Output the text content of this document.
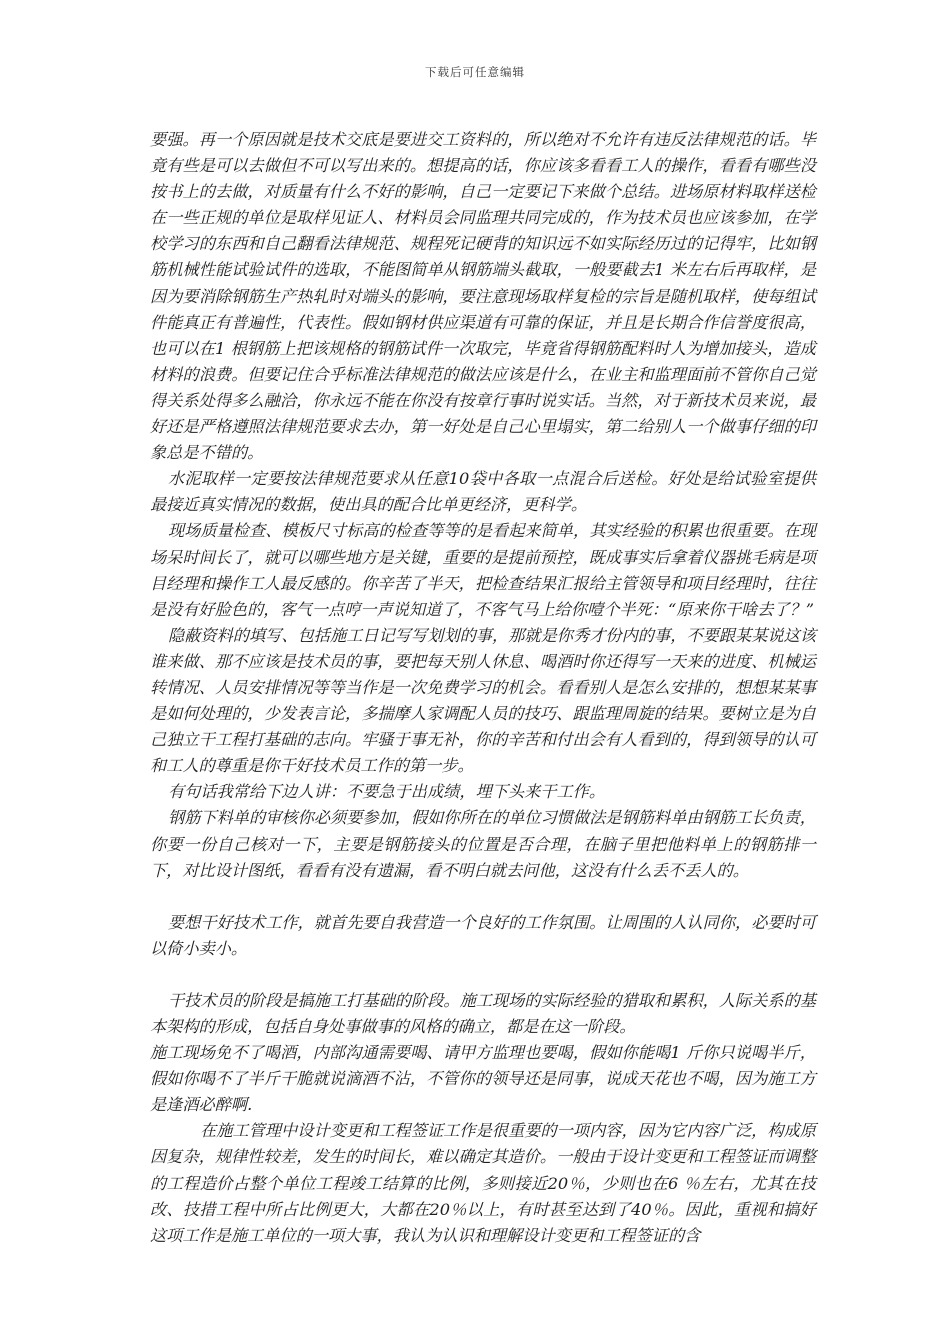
下载后可任意编辑

要强。再一个原因就是技术交底是要进交工资料的，所以绝对不允许有违反法律规范的话。毕竟有些是可以去做但不可以写出来的。想提高的话，你应该多看看工人的操作，看看有哪些没按书上的去做，对质量有什么不好的影响，自己一定要记下来做个总结。进场原材料取样送检在一些正规的单位是取样见证人、材料员会同监理共同完成的，作为技术员也应该参加，在学校学习的东西和自己翻看法律规范、规程死记硬背的知识远不如实际经历过的记得牢，比如钢筋机械性能试验试件的选取，不能图简单从钢筋端头截取，一般要截去1 米左右后再取样，是因为要消除钢筋生产热轧时对端头的影响，要注意现场取样复检的宗旨是随机取样，使每组试件能真正有普遍性，代表性。假如钢材供应渠道有可靠的保证，并且是长期合作信誉度很高，也可以在1 根钢筋上把该规格的钢筋试件一次取完，毕竟省得钢筋配料时人为增加接头，造成材料的浪费。但要记住合乎标准法律规范的做法应该是什么，在业主和监理面前不管你自己觉得关系处得多么融洽，你永远不能在你没有按章行事时说实话。当然，对于新技术员来说，最好还是严格遵照法律规范要求去办，第一好处是自己心里塌实，第二给别人一个做事仔细的印象总是不错的。

水泥取样一定要按法律规范要求从任意10袋中各取一点混合后送检。好处是给试验室提供最接近真实情况的数据，使出具的配合比单更经济，更科学。

现场质量检查、模板尺寸标高的检查等等的是看起来简单，其实经验的积累也很重要。在现场呆时间长了，就可以哪些地方是关键，重要的是提前预控，既成事实后拿着仪器挑毛病是项目经理和操作工人最反感的。你辛苦了半天，把检查结果汇报给主管领导和项目经理时，往往是没有好脸色的，客气一点哼一声说知道了，不客气马上给你噎个半死：“原来你干啥去了？”

隐蔽资料的填写、包括施工日记写写划划的事，那就是你秀才份内的事，不要跟某某说这该谁来做、那不应该是技术员的事，要把每天别人休息、喝酒时你还得写一天来的进度、机械运转情况、人员安排情况等等当作是一次免费学习的机会。看看别人是怎么安排的，想想某某事是如何处理的，少发表言论，多揣摩人家调配人员的技巧、跟监理周旋的结果。要树立是为自己独立干工程打基础的志向。牢骚于事无补，你的辛苦和付出会有人看到的，得到领导的认可和工人的尊重是你干好技术员工作的第一步。

有句话我常给下边人讲：不要急于出成绩，埋下头来干工作。

钢筋下料单的审核你必须要参加，假如你所在的单位习惯做法是钢筋料单由钢筋工长负责，你要一份自己核对一下，主要是钢筋接头的位置是否合理，在脑子里把他料单上的钢筋排一下，对比设计图纸，看看有没有遗漏，看不明白就去问他，这没有什么丢不丢人的。

要想干好技术工作，就首先要自我营造一个良好的工作氛围。让周围的人认同你，必要时可以倚小卖小。

干技术员的阶段是搞施工打基础的阶段。施工现场的实际经验的猎取和累积，人际关系的基本架构的形成，包括自身处事做事的风格的确立，都是在这一阶段。

施工现场免不了喝酒，内部沟通需要喝、请甲方监理也要喝，假如你能喝1 斤你只说喝半斤，假如你喝不了半斤干脆就说滴酒不沾，不管你的领导还是同事，说成天花也不喝，因为施工方是逢酒必醉啊.

在施工管理中设计变更和工程签证工作是很重要的一项内容，因为它内容广泛，构成原因复杂，规律性较差，发生的时间长，难以确定其造价。一般由于设计变更和工程签证而调整的工程造价占整个单位工程竣工结算的比例，多则接近20％，少则也在6 ％左右，尤其在技改、技措工程中所占比例更大，大都在20％以上，有时甚至达到了40％。因此，重视和搞好这项工作是施工单位的一项大事，我认为认识和理解设计变更和工程签证的含
